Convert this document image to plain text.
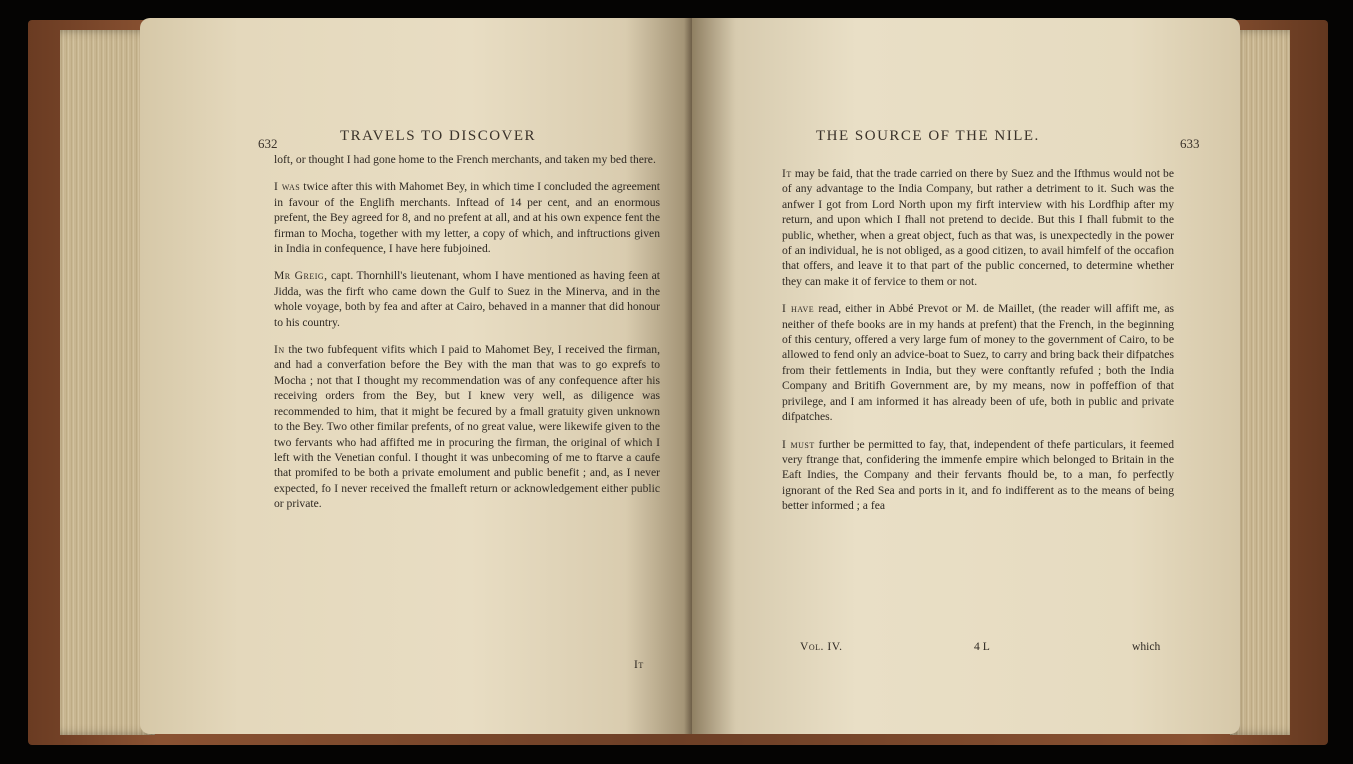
632	TRAVELS TO DISCOVER

loft, or thought I had gone home to the French merchants, and taken my bed there.

I was twice after this with Mahomet Bey, in which time I concluded the agreement in favour of the Englifh merchants. Inftead of 14 per cent, and an enormous prefent, the Bey agreed for 8, and no prefent at all, and at his own expence fent the firman to Mocha, together with my letter, a copy of which, and inftructions given in India in confequence, I have here fubjoined.

Mr Greig, capt. Thornhill's lieutenant, whom I have mentioned as having feen at Jidda, was the firft who came down the Gulf to Suez in the Minerva, and in the whole voyage, both by fea and after at Cairo, behaved in a manner that did honour to his country.

In the two fubfequent vifits which I paid to Mahomet Bey, I received the firman, and had a converfation before the Bey with the man that was to go exprefs to Mocha ; not that I thought my recommendation was of any confequence after his receiving orders from the Bey, but I knew very well, as diligence was recommended to him, that it might be fecured by a fmall gratuity given unknown to the Bey. Two other fimilar prefents, of no great value, were likewife given to the two fervants who had affifted me in procuring the firman, the original of which I left with the Venetian conful. I thought it was unbecoming of me to ftarve a caufe that promifed to be both a private emolument and public benefit ; and, as I never expected, fo I never received the fmalleft return or acknowledgement either public or private.

It
THE SOURCE OF THE NILE.	633

It may be faid, that the trade carried on there by Suez and the Ifthmus would not be of any advantage to the India Company, but rather a detriment to it. Such was the anfwer I got from Lord North upon my firft interview with his Lordfhip after my return, and upon which I fhall not pretend to decide. But this I fhall fubmit to the public, whether, when a great object, fuch as that was, is unexpectedly in the power of an individual, he is not obliged, as a good citizen, to avail himfelf of the occafion that offers, and leave it to that part of the public concerned, to determine whether they can make it of fervice to them or not.

I have read, either in Abbé Prevot or M. de Maillet, (the reader will affift me, as neither of thefe books are in my hands at prefent) that the French, in the beginning of this century, offered a very large fum of money to the government of Cairo, to be allowed to fend only an advice-boat to Suez, to carry and bring back their difpatches from their fettlements in India, but they were conftantly refufed ; both the India Company and Britifh Government are, by my means, now in poffeffion of that privilege, and I am informed it has already been of ufe, both in public and private difpatches.

I must further be permitted to fay, that, independent of thefe particulars, it feemed very ftrange that, confidering the immenfe empire which belonged to Britain in the Eaft Indies, the Company and their fervants fhould be, to a man, fo perfectly ignorant of the Red Sea and ports in it, and fo indifferent as to the means of being better informed ; a fea

Vol. IV.	4 L	which
